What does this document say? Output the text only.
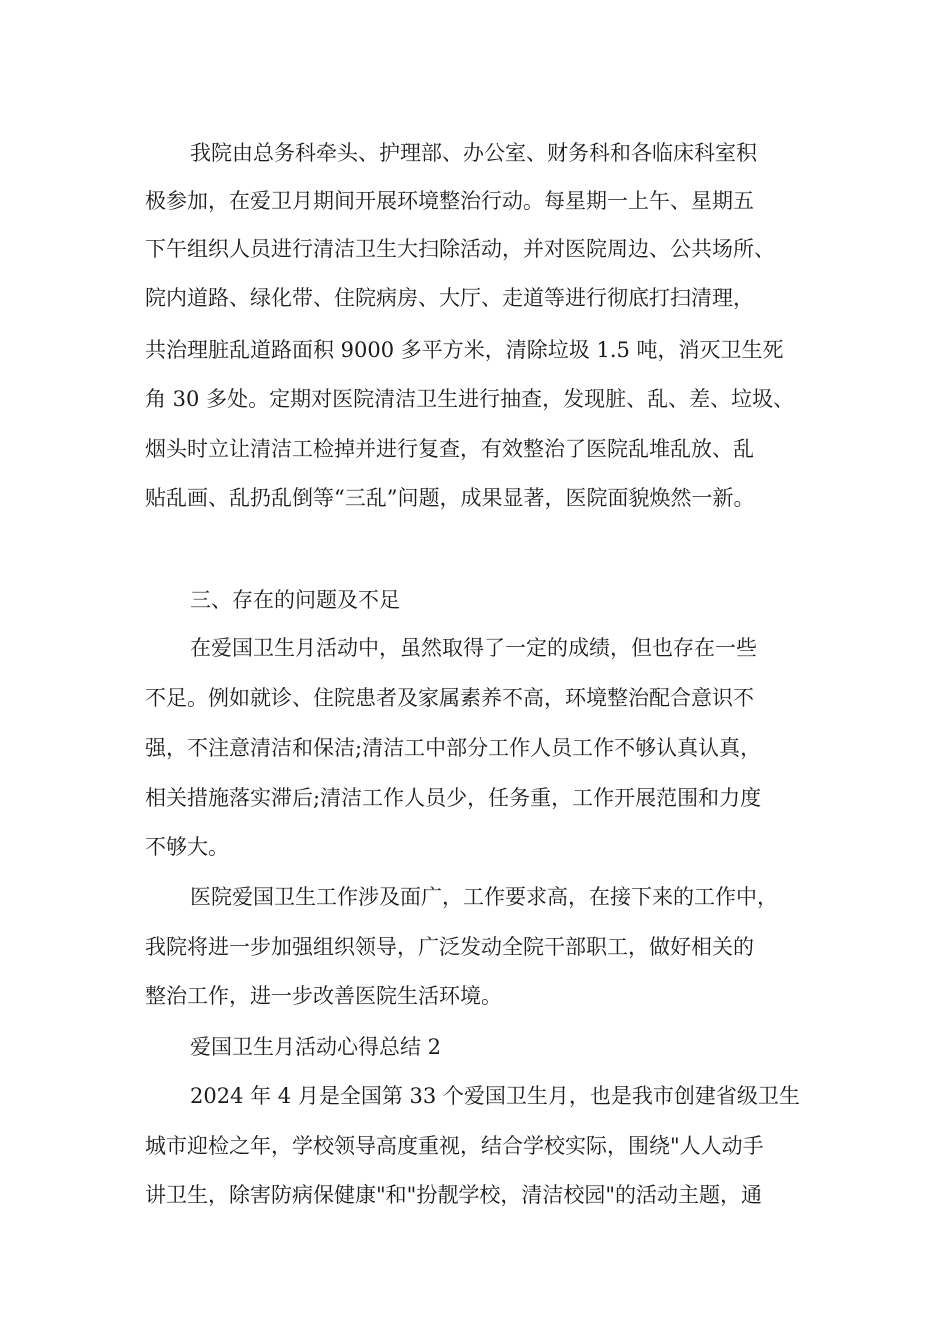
我院由总务科牵头、护理部、办公室、财务科和各临床科室积
极参加，在爱卫月期间开展环境整治行动。每星期一上午、星期五
下午组织人员进行清洁卫生大扫除活动，并对医院周边、公共场所、
院内道路、绿化带、住院病房、大厅、走道等进行彻底打扫清理，
共治理脏乱道路面积 9000 多平方米，清除垃圾 1.5 吨，消灭卫生死
角 30 多处。定期对医院清洁卫生进行抽查，发现脏、乱、差、垃圾、
烟头时立让清洁工检掉并进行复查，有效整治了医院乱堆乱放、乱
贴乱画、乱扔乱倒等“三乱”问题，成果显著，医院面貌焕然一新。
三、存在的问题及不足
在爱国卫生月活动中，虽然取得了一定的成绩，但也存在一些
不足。例如就诊、住院患者及家属素养不高，环境整治配合意识不
强，不注意清洁和保洁;清洁工中部分工作人员工作不够认真认真，
相关措施落实滞后;清洁工作人员少，任务重，工作开展范围和力度
不够大。
医院爱国卫生工作涉及面广，工作要求高，在接下来的工作中，
我院将进一步加强组织领导，广泛发动全院干部职工，做好相关的
整治工作，进一步改善医院生活环境。
爱国卫生月活动心得总结 2
2024 年 4 月是全国第 33 个爱国卫生月，也是我市创建省级卫生
城市迎检之年，学校领导高度重视，结合学校实际，围绕"人人动手
讲卫生，除害防病保健康"和"扮靓学校，清洁校园"的活动主题，通
